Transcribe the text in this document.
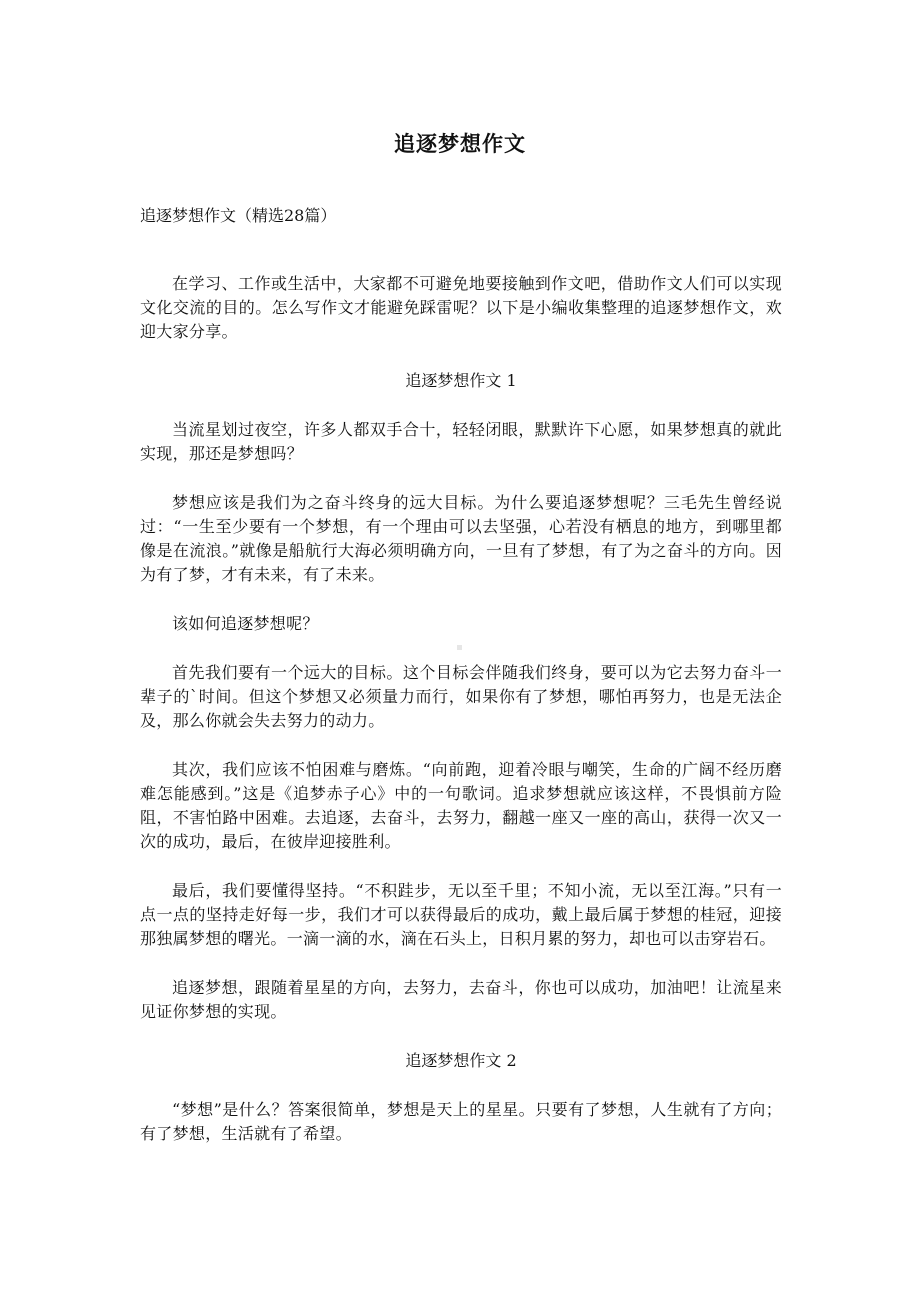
追逐梦想作文
追逐梦想作文（精选28篇）

在学习、工作或生活中，大家都不可避免地要接触到作文吧，借助作文人们可以实现文化交流的目的。怎么写作文才能避免踩雷呢？以下是小编收集整理的追逐梦想作文，欢迎大家分享。

追逐梦想作文 1

当流星划过夜空，许多人都双手合十，轻轻闭眼，默默许下心愿，如果梦想真的就此实现，那还是梦想吗？

梦想应该是我们为之奋斗终身的远大目标。为什么要追逐梦想呢？三毛先生曾经说过：“一生至少要有一个梦想，有一个理由可以去坚强，心若没有栖息的地方，到哪里都像是在流浪。”就像是船航行大海必须明确方向，一旦有了梦想，有了为之奋斗的方向。因为有了梦，才有未来，有了未来。

该如何追逐梦想呢？

首先我们要有一个远大的目标。这个目标会伴随我们终身，要可以为它去努力奋斗一辈子的`时间。但这个梦想又必须量力而行，如果你有了梦想，哪怕再努力，也是无法企及，那么你就会失去努力的动力。

其次，我们应该不怕困难与磨炼。“向前跑，迎着冷眼与嘲笑，生命的广阔不经历磨难怎能感到。”这是《追梦赤子心》中的一句歌词。追求梦想就应该这样，不畏惧前方险阻，不害怕路中困难。去追逐，去奋斗，去努力，翻越一座又一座的高山，获得一次又一次的成功，最后，在彼岸迎接胜利。

最后，我们要懂得坚持。“不积跬步，无以至千里；不知小流，无以至江海。”只有一点一点的坚持走好每一步，我们才可以获得最后的成功，戴上最后属于梦想的桂冠，迎接那独属梦想的曙光。一滴一滴的水，滴在石头上，日积月累的努力，却也可以击穿岩石。

追逐梦想，跟随着星星的方向，去努力，去奋斗，你也可以成功，加油吧！让流星来见证你梦想的实现。

追逐梦想作文 2

“梦想”是什么？答案很简单，梦想是天上的星星。只要有了梦想，人生就有了方向；有了梦想，生活就有了希望。
